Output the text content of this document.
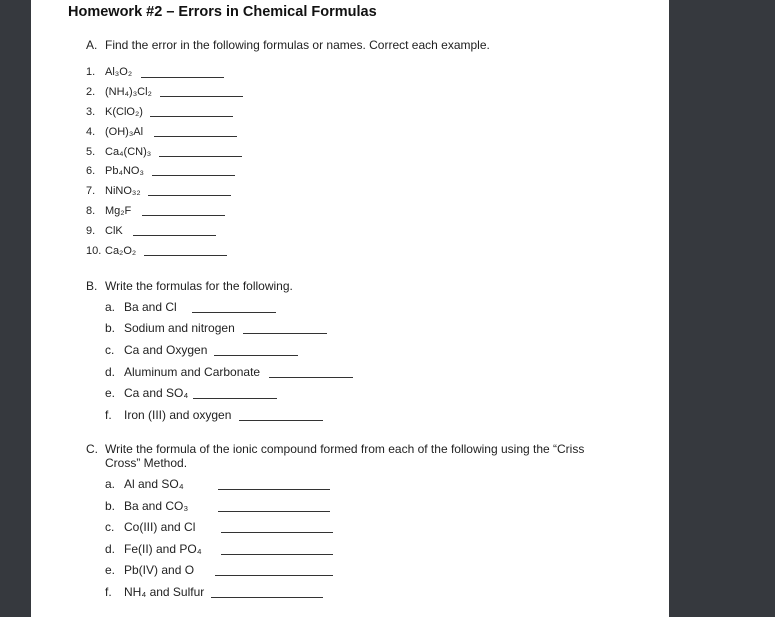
Homework #2 – Errors in Chemical Formulas
A. Find the error in the following formulas or names. Correct each example.
1. Al₃O₂
2. (NH₄)₃Cl₂
3. K(ClO₂)
4. (OH)₃Al
5. Ca₄(CN)₃
6. Pb₄NO₃
7. NiNO₃₂
8. Mg₂F
9. ClK
10. Ca₂O₂
B. Write the formulas for the following.
a. Ba and Cl
b. Sodium and nitrogen
c. Ca and Oxygen
d. Aluminum and Carbonate
e. Ca and SO₄
f. Iron (III) and oxygen
C. Write the formula of the ionic compound formed from each of the following using the “Criss Cross” Method.
a. Al and SO₄
b. Ba and CO₃
c. Co(III) and Cl
d. Fe(II) and PO₄
e. Pb(IV) and O
f. NH₄ and Sulfur
